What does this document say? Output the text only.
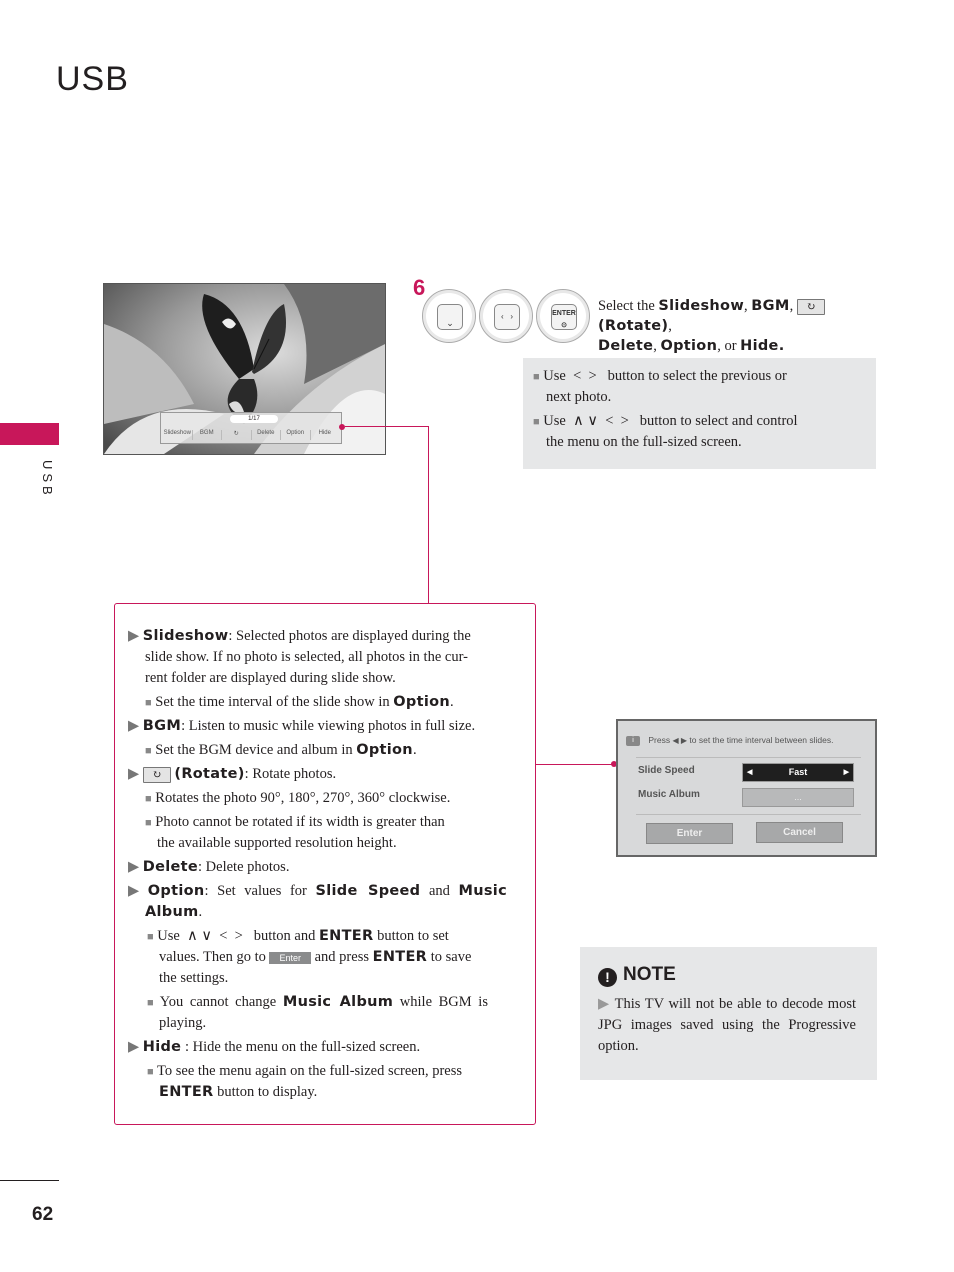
USB
USB
62
1/17
Slideshow	BGM	↻	Delete	Option	Hide
6
⌄
‹   ›	ENTER
⊙
Select the Slideshow, BGM, ↻ (Rotate),
Delete, Option, or Hide.
■ Use < > button to select the previous or
next photo.
■ Use ∧ ∨ < > button to select and control
the menu on the full-sized screen.
▶ Slideshow: Selected photos are displayed during the
slide show. If no photo is selected, all photos in the cur-
rent folder are displayed during slide show.
■ Set the time interval of the slide show in Option.
▶ BGM: Listen to music while viewing photos in full size.
■ Set the BGM device and album in Option.
▶ ↻ (Rotate): Rotate photos.
■ Rotates the photo 90°, 180°, 270°, 360° clockwise.
■ Photo cannot be rotated if its width is greater than
the available supported resolution height.
▶ Delete: Delete photos.
▶ Option: Set values for Slide Speed and Music
Album.
■ Use ∧ ∨ < > button and ENTER button to set
values. Then go to Enter and press ENTER to save
the settings.
■ You cannot change Music Album while BGM is
playing.
▶ Hide : Hide the menu on the full-sized screen.
■ To see the menu again on the full-sized screen, press
ENTER button to display.
i Press ◀ ▶ to set the time interval between slides.
Slide Speed	◀	Fast	▶
Music Album	...
Enter	Cancel
! NOTE
▶ This TV will not be able to decode most JPG images saved using the Progressive option.
